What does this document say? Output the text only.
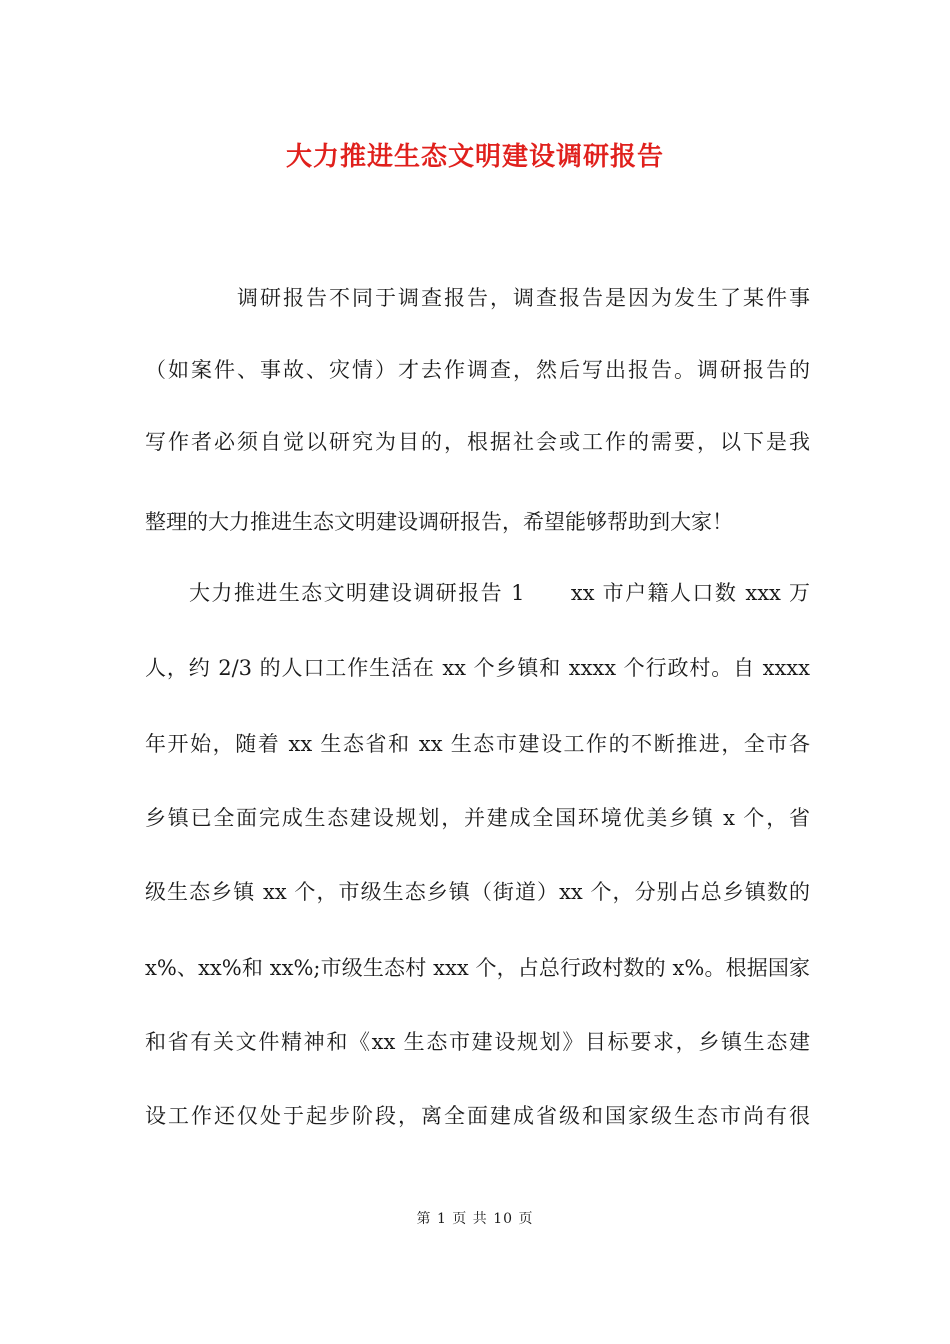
大力推进生态文明建设调研报告
调研报告不同于调查报告，调查报告是因为发生了某件事
（如案件、事故、灾情）才去作调查，然后写出报告。调研报告的
写作者必须自觉以研究为目的，根据社会或工作的需要，以下是我
整理的大力推进生态文明建设调研报告，希望能够帮助到大家！
大力推进生态文明建设调研报告 1　　xx 市户籍人口数 xxx 万
人，约 2/3 的人口工作生活在 xx 个乡镇和 xxxx 个行政村。自 xxxx
年开始，随着 xx 生态省和 xx 生态市建设工作的不断推进，全市各
乡镇已全面完成生态建设规划，并建成全国环境优美乡镇 x 个，省
级生态乡镇 xx 个，市级生态乡镇（街道）xx 个，分别占总乡镇数的
x%、xx%和 xx%;市级生态村 xxx 个，占总行政村数的 x%。根据国家
和省有关文件精神和《xx 生态市建设规划》目标要求，乡镇生态建
设工作还仅处于起步阶段，离全面建成省级和国家级生态市尚有很
第 1 页 共 10 页
